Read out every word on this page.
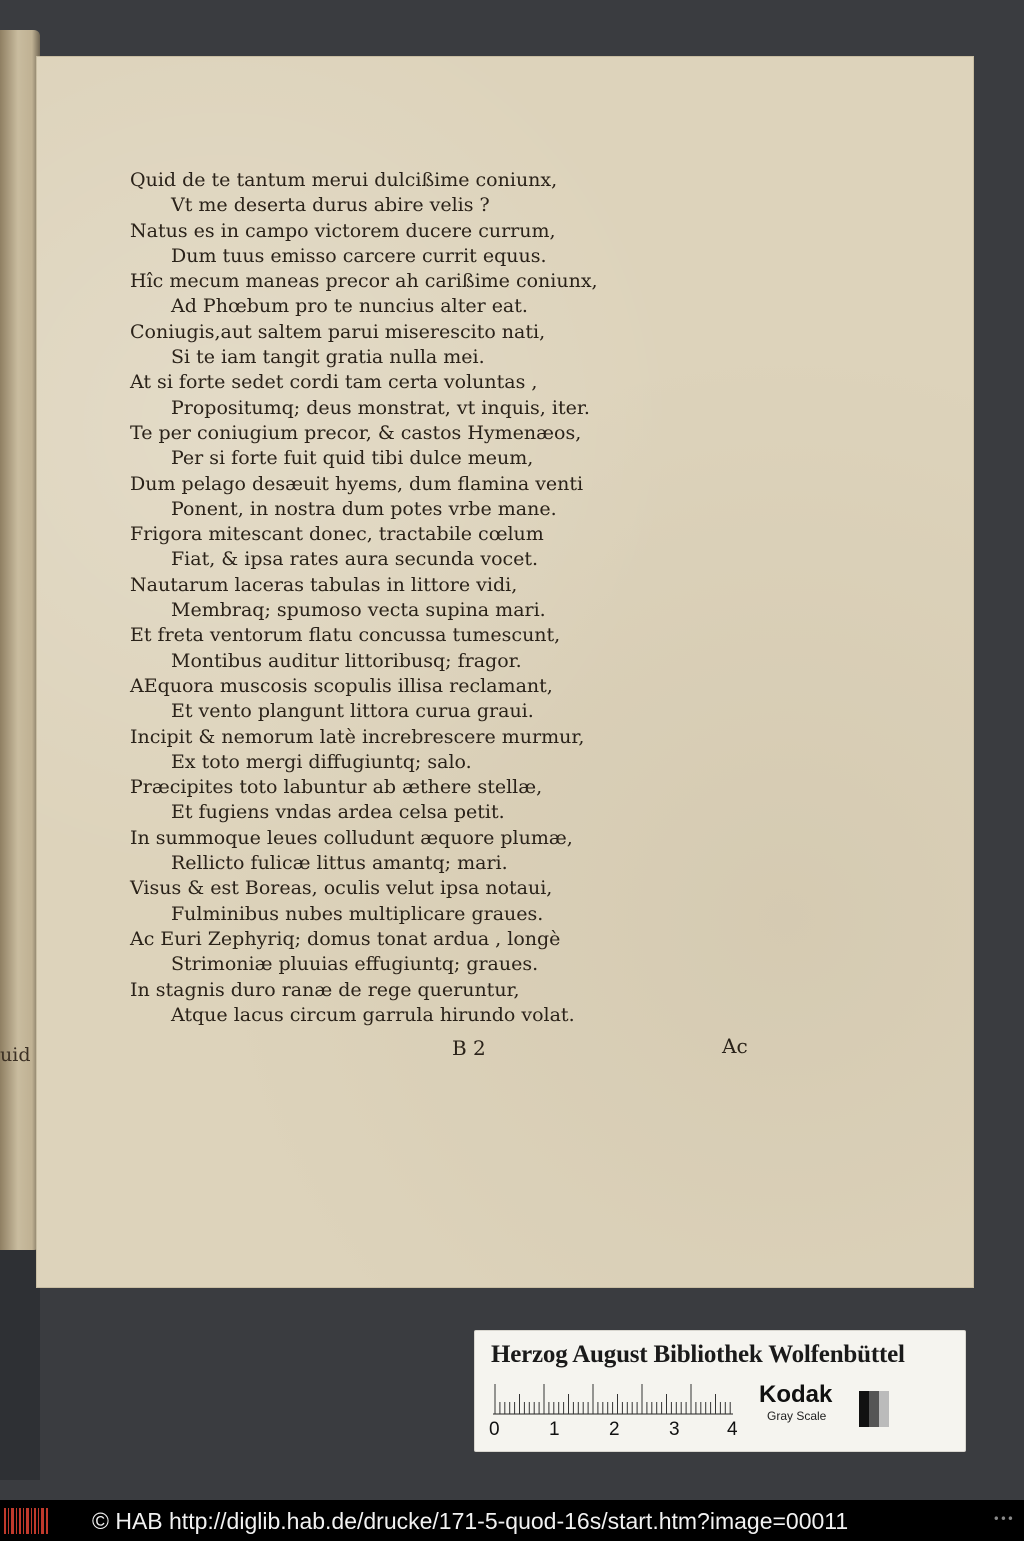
uid
Quid de te tantum merui dulcißime coniunx,
Vt me deserta durus abire velis ?
Natus es in campo victorem ducere currum,
Dum tuus emisso carcere currit equus.
Hîc mecum maneas precor ah carißime coniunx,
Ad Phœbum pro te nuncius alter eat.
Coniugis,aut saltem parui miserescito nati,
Si te iam tangit gratia nulla mei.
At si forte sedet cordi tam certa voluntas ,
Propositumq; deus monstrat, vt inquis, iter.
Te per coniugium precor, & castos Hymenæos,
Per si forte fuit quid tibi dulce meum,
Dum pelago desæuit hyems, dum flamina venti
Ponent, in nostra dum potes vrbe mane.
Frigora mitescant donec, tractabile cœlum
Fiat, & ipsa rates aura secunda vocet.
Nautarum laceras tabulas in littore vidi,
Membraq; spumoso vecta supina mari.
Et freta ventorum flatu concussa tumescunt,
Montibus auditur littoribusq; fragor.
AEquora muscosis scopulis illisa reclamant,
Et vento plangunt littora curua graui.
Incipit & nemorum latè increbrescere murmur,
Ex toto mergi diffugiuntq; salo.
Præcipites toto labuntur ab æthere stellæ,
Et fugiens vndas ardea celsa petit.
In summoque leues colludunt æquore plumæ,
Rellicto fulicæ littus amantq; mari.
Visus & est Boreas, oculis velut ipsa notaui,
Fulminibus nubes multiplicare graues.
Ac Euri Zephyriq; domus tonat ardua , longè
Strimoniæ pluuias effugiuntq; graues.
In stagnis duro ranæ de rege queruntur,
Atque lacus circum garrula hirundo volat.
B 2	Ac
Herzog August Bibliothek Wolfenbüttel
0	1	2	3 4
Kodak
Gray Scale
© HAB http://diglib.hab.de/drucke/171-5-quod-16s/start.htm?image=00011	•••
